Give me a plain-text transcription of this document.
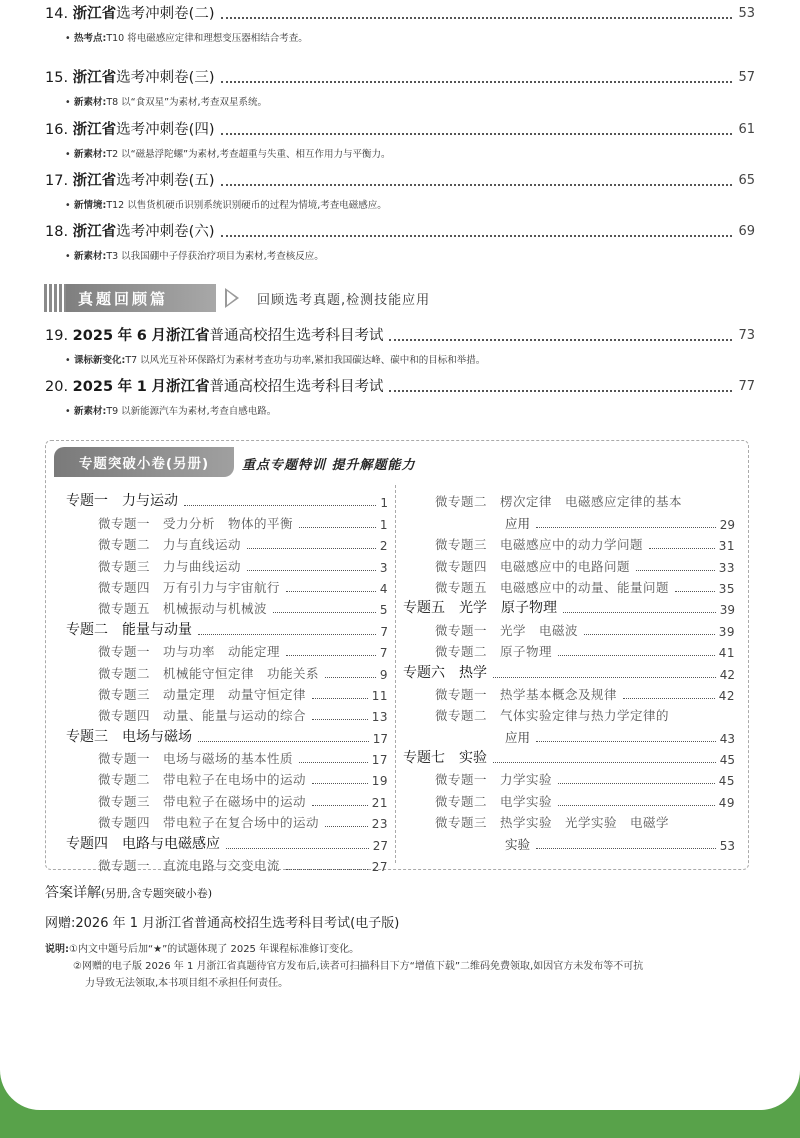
14. 浙江省选考冲刺卷(二)	53
• 热考点:T10 将电磁感应定律和理想变压器相结合考查。
15. 浙江省选考冲刺卷(三)	57
• 新素材:T8 以“食双星”为素材,考查双星系统。
16. 浙江省选考冲刺卷(四)	61
• 新素材:T2 以“磁悬浮陀螺”为素材,考查超重与失重、相互作用力与平衡力。
17. 浙江省选考冲刺卷(五)	65
• 新情境:T12 以售货机硬币识别系统识别硬币的过程为情境,考查电磁感应。
18. 浙江省选考冲刺卷(六)	69
• 新素材:T3 以我国硼中子俘获治疗项目为素材,考查核反应。
真题回顾篇	回顾选考真题,检测技能应用
19. 2025 年 6 月浙江省普通高校招生选考科目考试	73
• 课标新变化:T7 以风光互补环保路灯为素材考查功与功率,紧扣我国碳达峰、碳中和的目标和举措。
20. 2025 年 1 月浙江省普通高校招生选考科目考试	77
• 新素材:T9 以新能源汽车为素材,考查自感电路。
专题突破小卷(另册)	重点专题特训 提升解题能力
专题一　力与运动	1
微专题一　受力分析　物体的平衡	1
微专题二　力与直线运动	2
微专题三　力与曲线运动	3
微专题四　万有引力与宇宙航行	4
微专题五　机械振动与机械波	5
专题二　能量与动量	7
微专题一　功与功率　动能定理	7
微专题二　机械能守恒定律　功能关系	9
微专题三　动量定理　动量守恒定律	11
微专题四　动量、能量与运动的综合	13
专题三　电场与磁场	17
微专题一　电场与磁场的基本性质	17
微专题二　带电粒子在电场中的运动	19
微专题三　带电粒子在磁场中的运动	21
微专题四　带电粒子在复合场中的运动	23
专题四　电路与电磁感应	27
微专题一　直流电路与交变电流	27
微专题二　楞次定律　电磁感应定律的基本
应用	29
微专题三　电磁感应中的动力学问题	31
微专题四　电磁感应中的电路问题	33
微专题五　电磁感应中的动量、能量问题	35
专题五　光学　原子物理	39
微专题一　光学　电磁波	39
微专题二　原子物理	41
专题六　热学	42
微专题一　热学基本概念及规律	42
微专题二　气体实验定律与热力学定律的
应用	43
专题七　实验	45
微专题一　力学实验	45
微专题二　电学实验	49
微专题三　热学实验　光学实验　电磁学
实验	53
答案详解(另册,含专题突破小卷)
网赠:2026 年 1 月浙江省普通高校招生选考科目考试(电子版)
说明:①内文中题号后加“★”的试题体现了 2025 年课程标准修订变化。
②网赠的电子版 2026 年 1 月浙江省真题待官方发布后,读者可扫描科目下方“增值下载”二维码免费领取,如因官方未发布等不可抗
力导致无法领取,本书项目组不承担任何责任。
